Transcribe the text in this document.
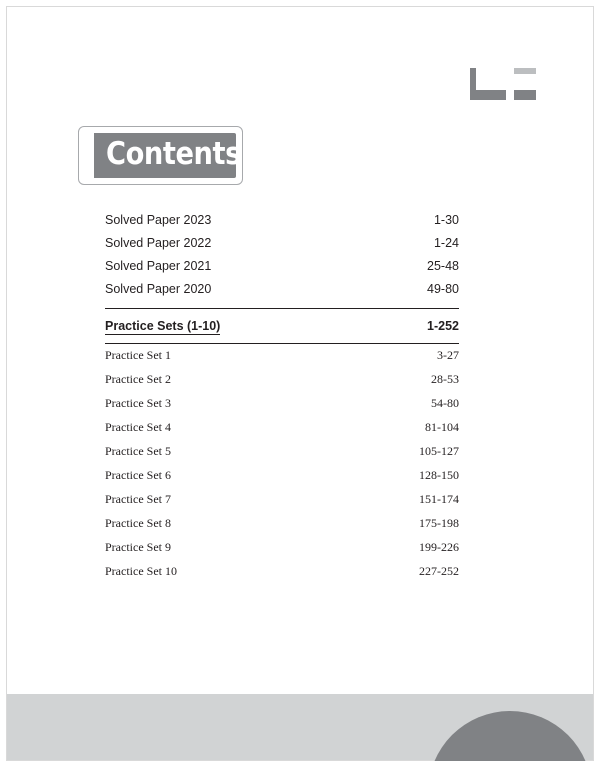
Contents
Solved Paper 2023	1-30
Solved Paper 2022	1-24
Solved Paper 2021	25-48
Solved Paper 2020	49-80
Practice Sets (1-10)	1-252
Practice Set 1	3-27
Practice Set 2	28-53
Practice Set 3	54-80
Practice Set 4	81-104
Practice Set 5	105-127
Practice Set 6	128-150
Practice Set 7	151-174
Practice Set 8	175-198
Practice Set 9	199-226
Practice Set 10	227-252
